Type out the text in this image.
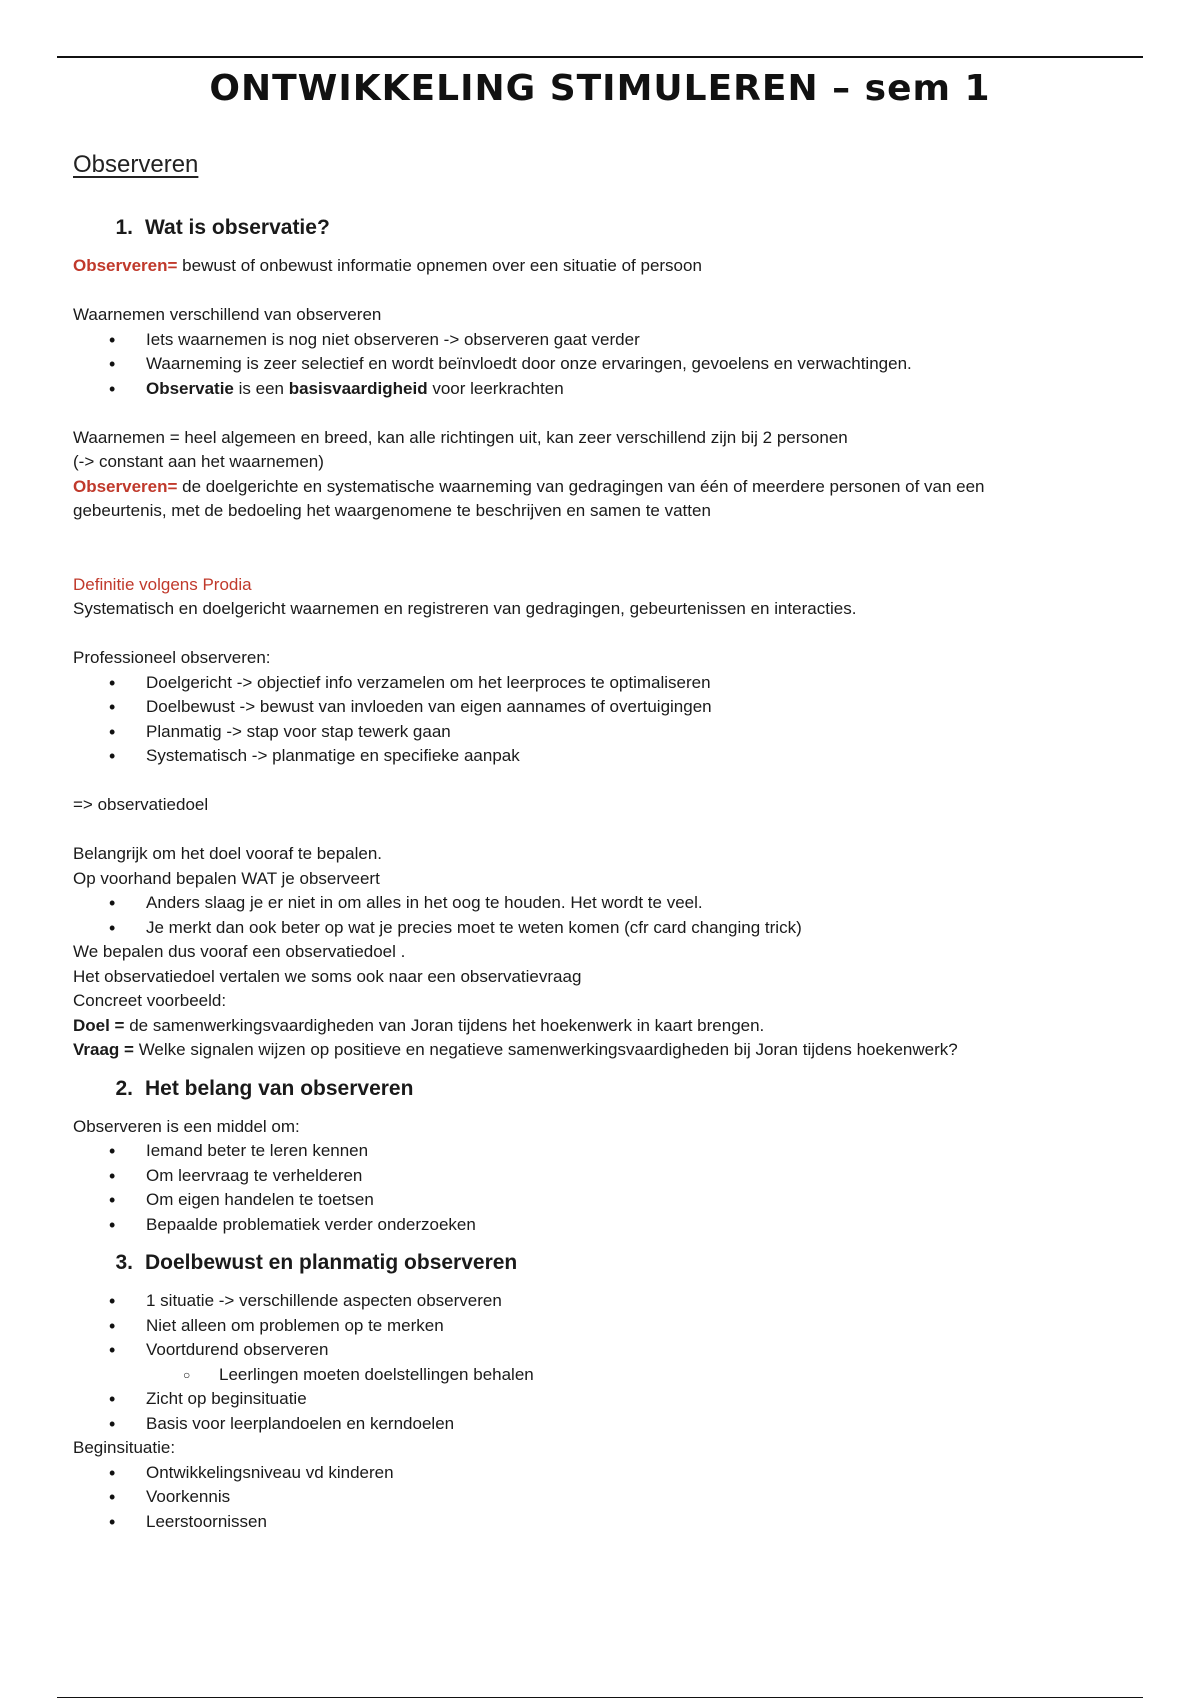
ONTWIKKELING STIMULEREN – sem 1
Observeren
1. Wat is observatie?

Observeren= bewust of onbewust informatie opnemen over een situatie of persoon

Waarnemen verschillend van observeren

• Iets waarnemen is nog niet observeren -> observeren gaat verder
• Waarneming is zeer selectief en wordt beïnvloedt door onze ervaringen, gevoelens en verwachtingen.
• Observatie is een basisvaardigheid voor leerkrachten

Waarnemen = heel algemeen en breed, kan alle richtingen uit, kan zeer verschillend zijn bij 2 personen

(-> constant aan het waarnemen)

Observeren= de doelgerichte en systematische waarneming van gedragingen van één of meerdere personen of van een gebeurtenis, met de bedoeling het waargenomene te beschrijven en samen te vatten

Definitie volgens Prodia

Systematisch en doelgericht waarnemen en registreren van gedragingen, gebeurtenissen en interacties.

Professioneel observeren:

• Doelgericht -> objectief info verzamelen om het leerproces te optimaliseren
• Doelbewust -> bewust van invloeden van eigen aannames of overtuigingen
• Planmatig -> stap voor stap tewerk gaan
• Systematisch -> planmatige en specifieke aanpak

=> observatiedoel

Belangrijk om het doel vooraf te bepalen.

Op voorhand bepalen WAT je observeert

• Anders slaag je er niet in om alles in het oog te houden. Het wordt te veel.
• Je merkt dan ook beter op wat je precies moet te weten komen (cfr card changing trick)

We bepalen dus vooraf een observatiedoel .

Het observatiedoel vertalen we soms ook naar een observatievraag

Concreet voorbeeld:

Doel = de samenwerkingsvaardigheden van Joran tijdens het hoekenwerk in kaart brengen.

Vraag = Welke signalen wijzen op positieve en negatieve samenwerkingsvaardigheden bij Joran tijdens hoekenwerk?

2. Het belang van observeren

Observeren is een middel om:

• Iemand beter te leren kennen
• Om leervraag te verhelderen
• Om eigen handelen te toetsen
• Bepaalde problematiek verder onderzoeken
3. Doelbewust en planmatig observeren
• 1 situatie -> verschillende aspecten observeren
• Niet alleen om problemen op te merken
• Voortdurend observeren
○ Leerlingen moeten doelstellingen behalen
• Zicht op beginsituatie
• Basis voor leerplandoelen en kerndoelen

Beginsituatie:

• Ontwikkelingsniveau vd kinderen
• Voorkennis
• Leerstoornissen
